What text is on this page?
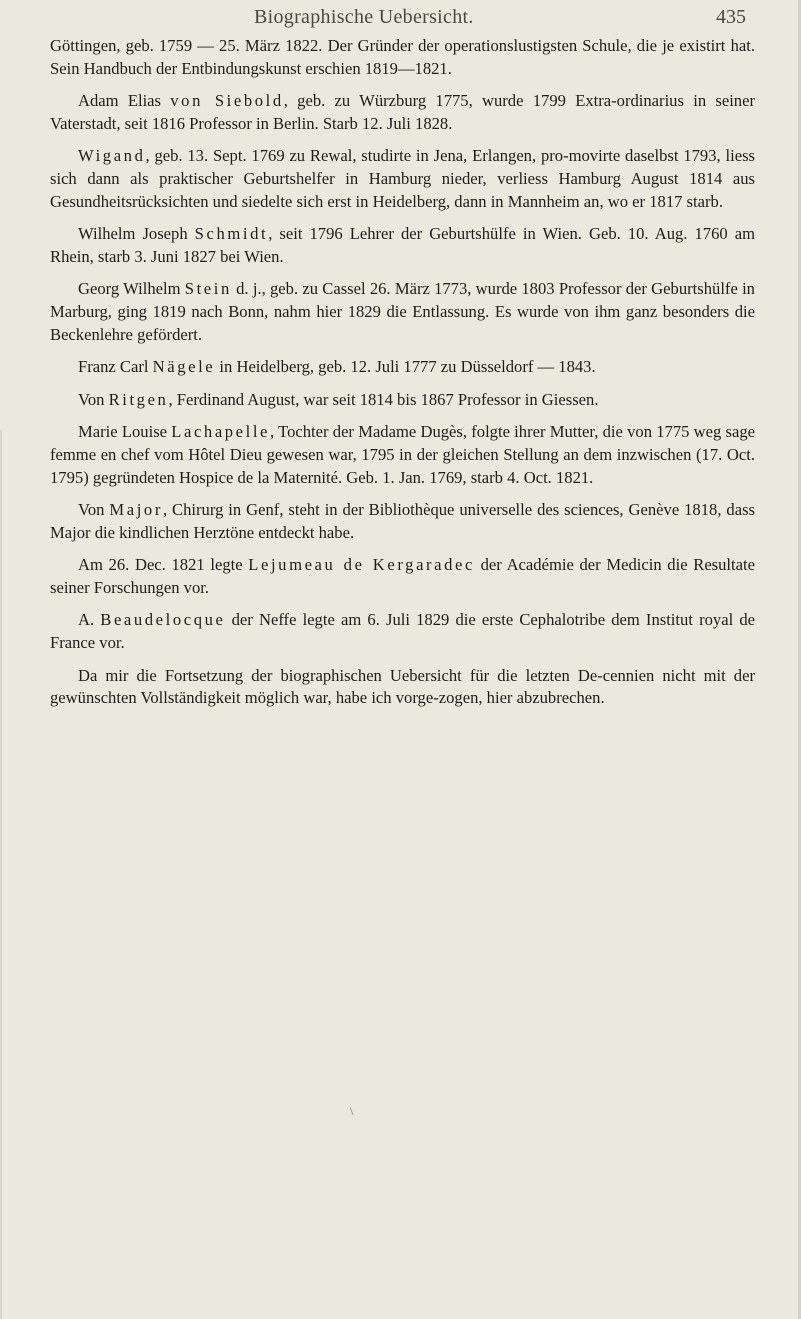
Biographische Uebersicht.	435

Göttingen, geb. 1759 — 25. März 1822. Der Gründer der operationslustigsten Schule, die je existirt hat. Sein Handbuch der Entbindungskunst erschien 1819—1821.

Adam Elias von Siebold, geb. zu Würzburg 1775, wurde 1799 Extra-ordinarius in seiner Vaterstadt, seit 1816 Professor in Berlin. Starb 12. Juli 1828.

Wigand, geb. 13. Sept. 1769 zu Rewal, studirte in Jena, Erlangen, pro-movirte daselbst 1793, liess sich dann als praktischer Geburtshelfer in Hamburg nieder, verliess Hamburg August 1814 aus Gesundheitsrücksichten und siedelte sich erst in Heidelberg, dann in Mannheim an, wo er 1817 starb.

Wilhelm Joseph Schmidt, seit 1796 Lehrer der Geburtshülfe in Wien. Geb. 10. Aug. 1760 am Rhein, starb 3. Juni 1827 bei Wien.

Georg Wilhelm Stein d. j., geb. zu Cassel 26. März 1773, wurde 1803 Professor der Geburtshülfe in Marburg, ging 1819 nach Bonn, nahm hier 1829 die Entlassung. Es wurde von ihm ganz besonders die Beckenlehre gefördert.

Franz Carl Nägele in Heidelberg, geb. 12. Juli 1777 zu Düsseldorf — 1843.

Von Ritgen, Ferdinand August, war seit 1814 bis 1867 Professor in Giessen.

Marie Louise Lachapelle, Tochter der Madame Dugès, folgte ihrer Mutter, die von 1775 weg sage femme en chef vom Hôtel Dieu gewesen war, 1795 in der gleichen Stellung an dem inzwischen (17. Oct. 1795) gegründeten Hospice de la Maternité. Geb. 1. Jan. 1769, starb 4. Oct. 1821.

Von Major, Chirurg in Genf, steht in der Bibliothèque universelle des sciences, Genève 1818, dass Major die kindlichen Herztöne entdeckt habe.

Am 26. Dec. 1821 legte Lejumeau de Kergaradec der Académie der Medicin die Resultate seiner Forschungen vor.

A. Beaudelocque der Neffe legte am 6. Juli 1829 die erste Cephalotribe dem Institut royal de France vor.

Da mir die Fortsetzung der biographischen Uebersicht für die letzten De-cennien nicht mit der gewünschten Vollständigkeit möglich war, habe ich vorge-zogen, hier abzubrechen.

\
